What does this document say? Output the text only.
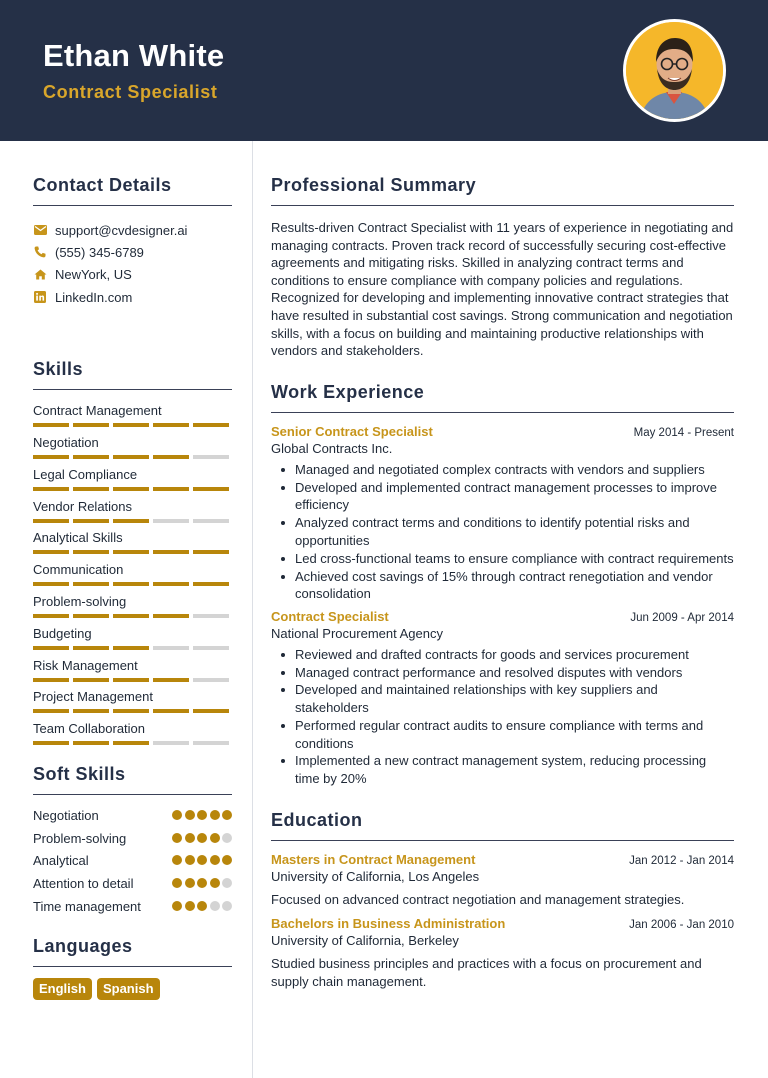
Ethan White
Contract Specialist
Contact Details
support@cvdesigner.ai
(555) 345-6789
NewYork, US
LinkedIn.com
Skills
Contract Management
Negotiation
Legal Compliance
Vendor Relations
Analytical Skills
Communication
Problem-solving
Budgeting
Risk Management
Project Management
Team Collaboration
Soft Skills
Negotiation
Problem-solving
Analytical
Attention to detail
Time management
Languages
English	Spanish
Professional Summary
Results-driven Contract Specialist with 11 years of experience in negotiating and managing contracts. Proven track record of successfully securing cost-effective agreements and mitigating risks. Skilled in analyzing contract terms and conditions to ensure compliance with company policies and regulations. Recognized for developing and implementing innovative contract strategies that have resulted in substantial cost savings. Strong communication and negotiation skills, with a focus on building and maintaining productive relationships with vendors and stakeholders.
Work Experience
Senior Contract Specialist	May 2014 - Present
Global Contracts Inc.
Managed and negotiated complex contracts with vendors and suppliers
Developed and implemented contract management processes to improve efficiency
Analyzed contract terms and conditions to identify potential risks and opportunities
Led cross-functional teams to ensure compliance with contract requirements
Achieved cost savings of 15% through contract renegotiation and vendor consolidation
Contract Specialist	Jun 2009 - Apr 2014
National Procurement Agency
Reviewed and drafted contracts for goods and services procurement
Managed contract performance and resolved disputes with vendors
Developed and maintained relationships with key suppliers and stakeholders
Performed regular contract audits to ensure compliance with terms and conditions
Implemented a new contract management system, reducing processing time by 20%
Education
Masters in Contract Management	Jan 2012 - Jan 2014
University of California, Los Angeles
Focused on advanced contract negotiation and management strategies.
Bachelors in Business Administration	Jan 2006 - Jan 2010
University of California, Berkeley
Studied business principles and practices with a focus on procurement and supply chain management.
